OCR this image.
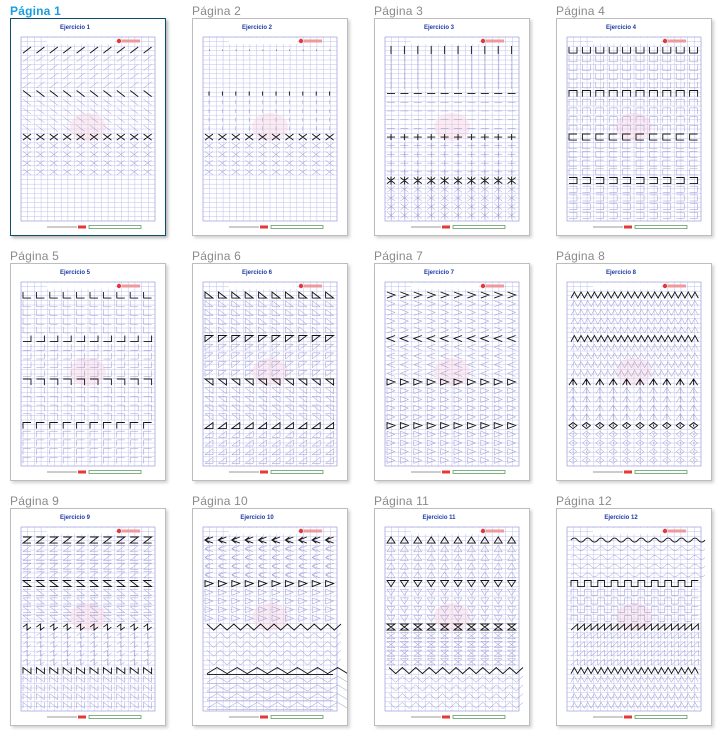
Página 1
Ejercicio 1
Página 2
Ejercicio 2
Página 3
Ejercicio 3
Página 4
Ejercicio 4
Página 5
Ejercicio 5
Página 6
Ejercicio 6
Página 7
Ejercicio 7
Página 8
Ejercicio 8
Página 9
Ejercicio 9
Página 10
Ejercicio 10
Página 11
Ejercicio 11
Página 12
Ejercicio 12
